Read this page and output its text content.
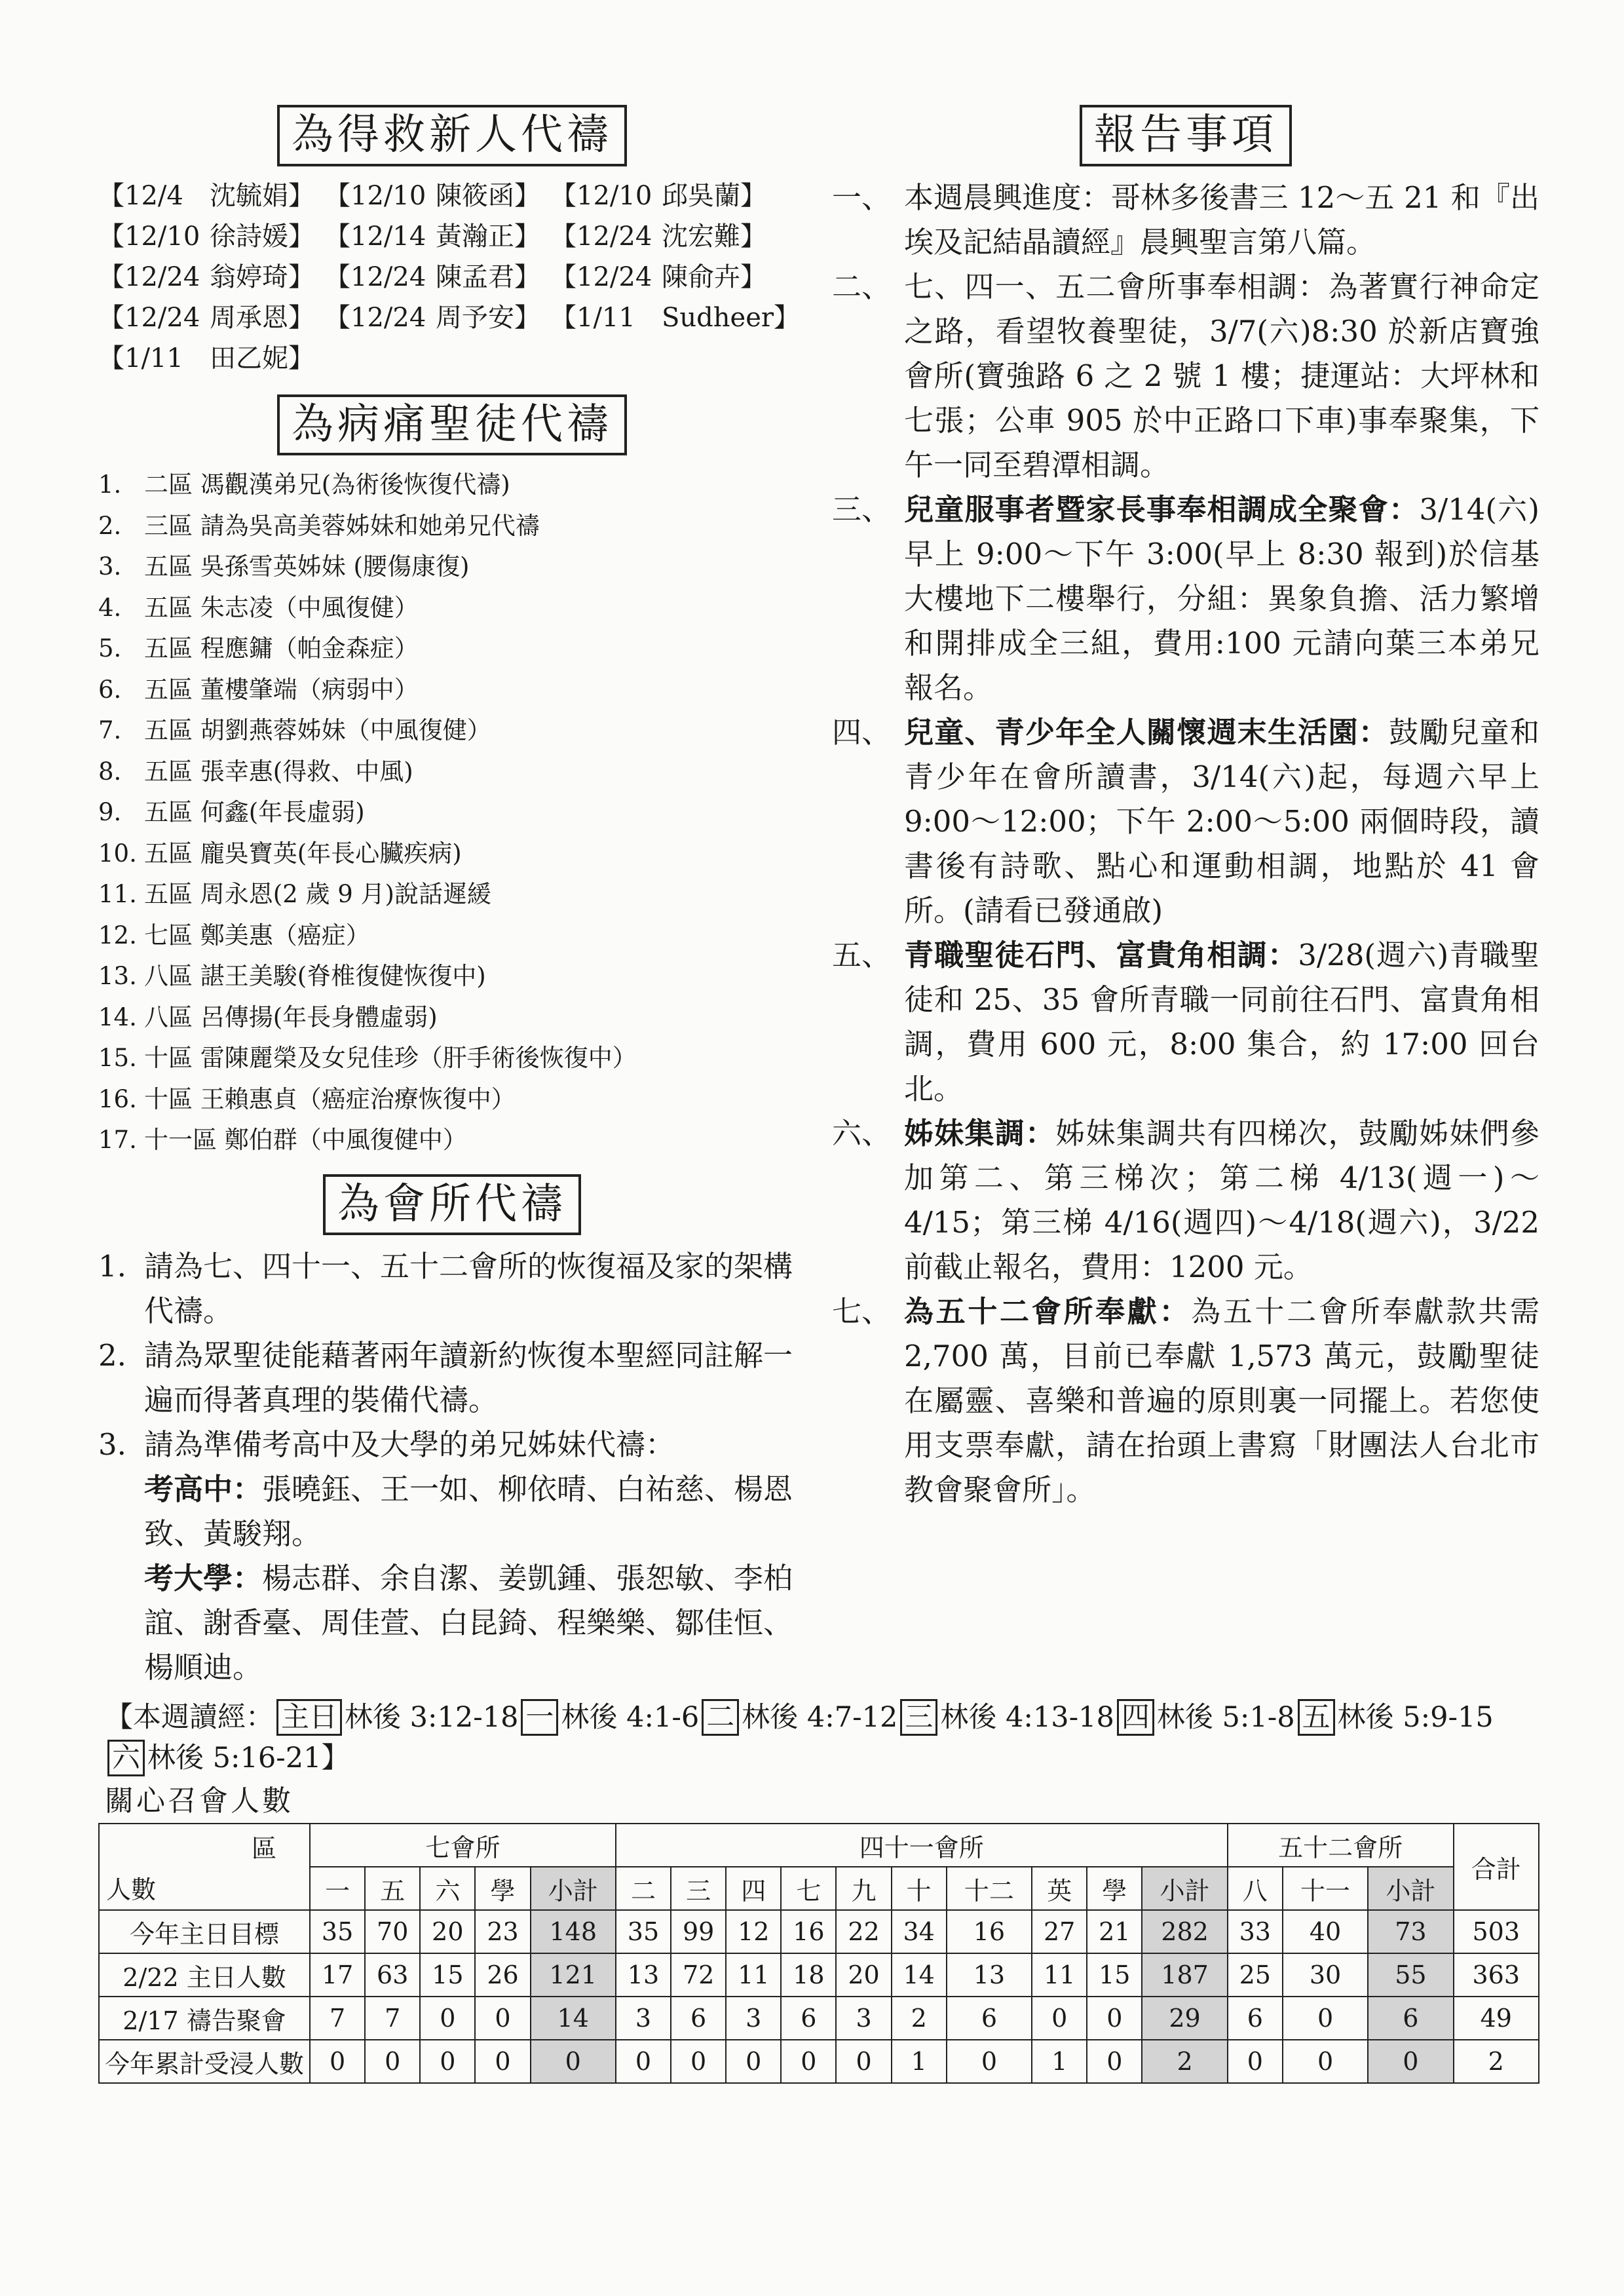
為得救新人代禱
【12/4 沈毓娟】 【12/10 陳筱函】 【12/10 邱吳蘭】
【12/10 徐詩媛】 【12/14 黃瀚正】 【12/24 沈宏難】
【12/24 翁婷琦】 【12/24 陳孟君】 【12/24 陳俞卉】
【12/24 周承恩】 【12/24 周予安】 【1/11 Sudheer】
【1/11 田乙妮】
為病痛聖徒代禱
1. 二區 馮觀漢弟兄(為術後恢復代禱)
2. 三區 請為吳高美蓉姊妹和她弟兄代禱
3. 五區 吳孫雪英姊妹 (腰傷康復)
4. 五區 朱志凌（中風復健）
5. 五區 程應鏞（帕金森症）
6. 五區 董樓肇端（病弱中）
7. 五區 胡劉燕蓉姊妹（中風復健）
8. 五區 張幸惠(得救、中風)
9. 五區 何鑫(年長虛弱)
10. 五區 龐吳寶英(年長心臟疾病)
11. 五區 周永恩(2 歲 9 月)說話遲緩
12. 七區 鄭美惠（癌症）
13. 八區 諶王美駿(脊椎復健恢復中)
14. 八區 呂傳揚(年長身體虛弱)
15. 十區 雷陳麗榮及女兒佳珍（肝手術後恢復中）
16. 十區 王賴惠貞（癌症治療恢復中）
17. 十一區 鄭伯群（中風復健中）
為會所代禱
1. 請為七、四十一、五十二會所的恢復福及家的架構代禱。
2. 請為眾聖徒能藉著兩年讀新約恢復本聖經同註解一遍而得著真理的裝備代禱。
3. 請為準備考高中及大學的弟兄姊妹代禱：
考高中：張曉鈺、王一如、柳依晴、白祐慈、楊恩致、黃駿翔。
考大學：楊志群、余自潔、姜凱鍾、張恕敏、李柏誼、謝香臺、周佳萱、白昆錡、程樂樂、鄒佳恒、楊順迪。
報告事項
一、 本週晨興進度：哥林多後書三 12～五 21 和『出埃及記結晶讀經』晨興聖言第八篇。
二、 七、四一、五二會所事奉相調：為著實行神命定之路，看望牧養聖徒，3/7(六)8:30 於新店寶強會所(寶強路 6 之 2 號 1 樓；捷運站：大坪林和七張；公車 905 於中正路口下車)事奉聚集，下午一同至碧潭相調。
三、 兒童服事者暨家長事奉相調成全聚會：3/14(六)早上 9:00～下午 3:00(早上 8:30 報到)於信基大樓地下二樓舉行，分組：異象負擔、活力繁增和開排成全三組，費用:100 元請向葉三本弟兄報名。
四、 兒童、青少年全人關懷週末生活園：鼓勵兒童和青少年在會所讀書，3/14(六)起，每週六早上 9:00～12:00；下午 2:00～5:00 兩個時段，讀書後有詩歌、點心和運動相調，地點於 41 會所。(請看已發通啟)
五、 青職聖徒石門、富貴角相調：3/28(週六)青職聖徒和 25、35 會所青職一同前往石門、富貴角相調，費用 600 元，8:00 集合，約 17:00 回台北。
六、 姊妹集調：姊妹集調共有四梯次，鼓勵姊妹們參加第二、第三梯次；第二梯 4/13(週一)～4/15；第三梯 4/16(週四)～4/18(週六)，3/22 前截止報名，費用：1200 元。
七、 為五十二會所奉獻：為五十二會所奉獻款共需 2,700 萬，目前已奉獻 1,573 萬元，鼓勵聖徒在屬靈、喜樂和普遍的原則裏一同擺上。若您使用支票奉獻，請在抬頭上書寫「財團法人台北市教會聚會所」。
【本週讀經： 主日 林後 3:12-18 一 林後 4:1-6 二 林後 4:7-12 三 林後 4:13-18 四 林後 5:1-8 五 林後 5:9-15六 林後 5:16-21】
關心召會人數
區
人數	七會所					四十一會所										五十二會所			合計
	一	五	六	學	小計	二	三	四	七	九	十	十二	英	學	小計	八	十一	小計	
今年主日目標	35	70	20	23	148	35	99	12	16	22	34	16	27	21	282	33	40	73	503
2/22 主日人數	17	63	15	26	121	13	72	11	18	20	14	13	11	15	187	25	30	55	363
2/17 禱告聚會	7	7	0	0	14	3	6	3	6	3	2	6	0	0	29	6	0	6	49
今年累計受浸人數	0	0	0	0	0	0	0	0	0	0	1	0	1	0	2	0	0	0	2
